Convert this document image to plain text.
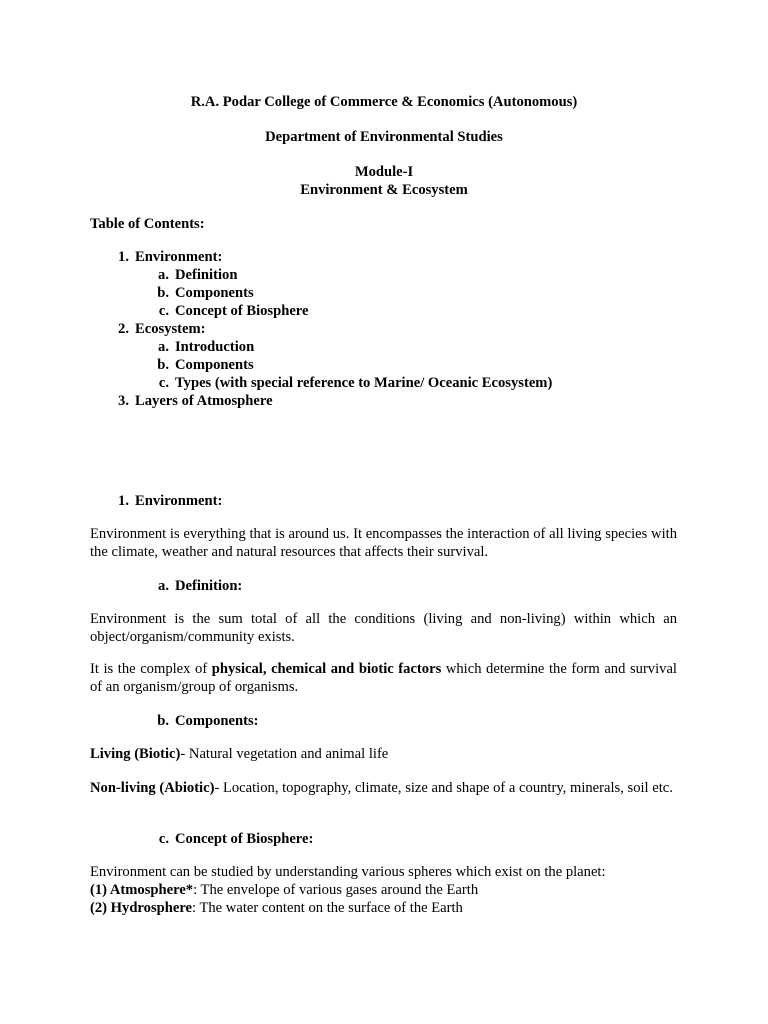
R.A. Podar College of Commerce & Economics (Autonomous)
Department of Environmental Studies
Module-I
Environment & Ecosystem
Table of Contents:
1. Environment:
a. Definition
b. Components
c. Concept of Biosphere
2. Ecosystem:
a. Introduction
b. Components
c. Types (with special reference to Marine/ Oceanic Ecosystem)
3. Layers of Atmosphere
1. Environment:
Environment is everything that is around us. It encompasses the interaction of all living species with the climate, weather and natural resources that affects their survival.
a. Definition:
Environment is the sum total of all the conditions (living and non-living) within which an object/organism/community exists.
It is the complex of physical, chemical and biotic factors which determine the form and survival of an organism/group of organisms.
b. Components:
Living (Biotic)- Natural vegetation and animal life
Non-living (Abiotic)- Location, topography, climate, size and shape of a country, minerals, soil etc.
c. Concept of Biosphere:
Environment can be studied by understanding various spheres which exist on the planet:
(1) Atmosphere*: The envelope of various gases around the Earth
(2) Hydrosphere: The water content on the surface of the Earth
